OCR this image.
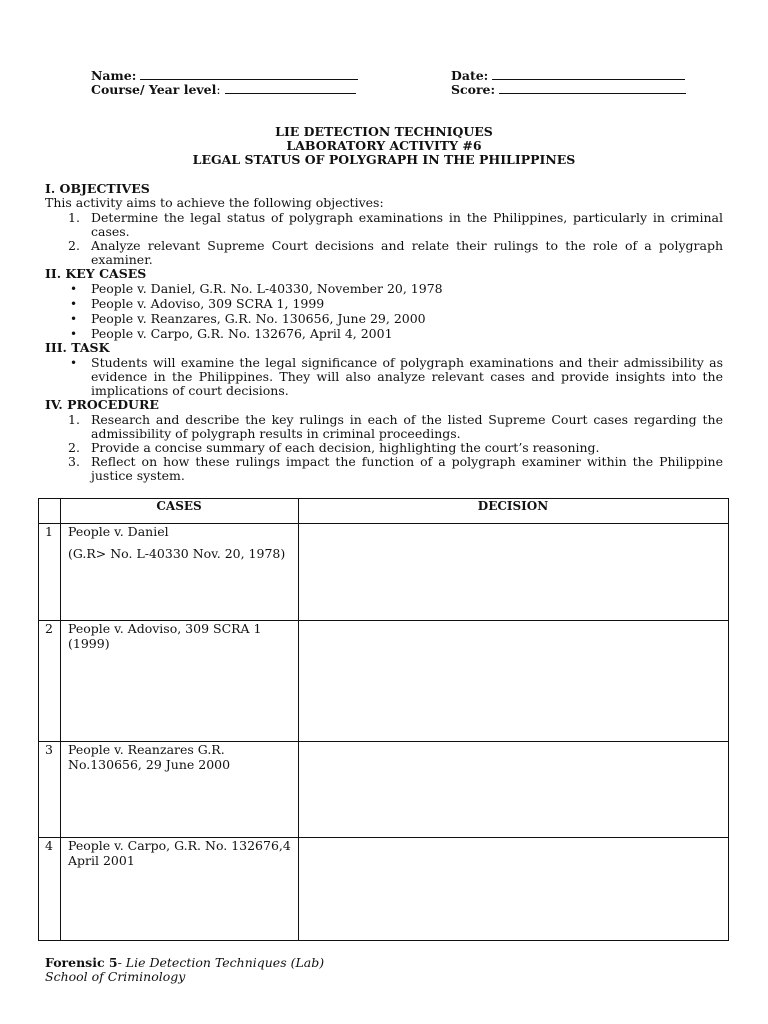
Name:
Course/ Year level:
Date:
Score:
LIE DETECTION TECHNIQUES
LABORATORY ACTIVITY #6
LEGAL STATUS OF POLYGRAPH IN THE PHILIPPINES
I. OBJECTIVES
This activity aims to achieve the following objectives:
1. Determine the legal status of polygraph examinations in the Philippines, particularly in criminal
cases.
2. Analyze relevant Supreme Court decisions and relate their rulings to the role of a polygraph
examiner.
II. KEY CASES
• People v. Daniel, G.R. No. L-40330, November 20, 1978
• People v. Adoviso, 309 SCRA 1, 1999
• People v. Reanzares, G.R. No. 130656, June 29, 2000
• People v. Carpo, G.R. No. 132676, April 4, 2001
III. TASK
• Students will examine the legal significance of polygraph examinations and their admissibility as
evidence in the Philippines. They will also analyze relevant cases and provide insights into the
implications of court decisions.
IV. PROCEDURE
1. Research and describe the key rulings in each of the listed Supreme Court cases regarding the
admissibility of polygraph results in criminal proceedings.
2. Provide a concise summary of each decision, highlighting the court’s reasoning.
3. Reflect on how these rulings impact the function of a polygraph examiner within the Philippine
justice system.
CASES	DECISION
1 People v. Daniel
(G.R> No. L-40330 Nov. 20, 1978)
2 People v. Adoviso, 309 SCRA 1
(1999)
3 People v. Reanzares G.R.
No.130656, 29 June 2000
4 People v. Carpo, G.R. No. 132676,4
April 2001
Forensic 5- Lie Detection Techniques (Lab)
School of Criminology
